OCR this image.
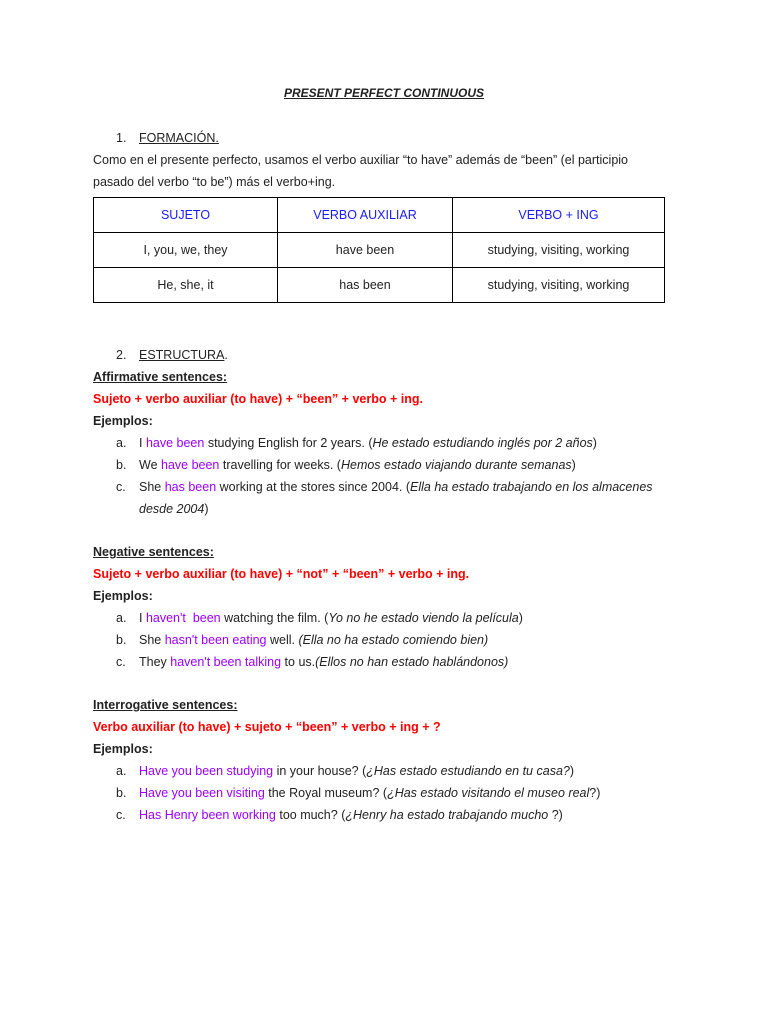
PRESENT PERFECT CONTINUOUS
1. FORMACIÓN.
Como en el presente perfecto, usamos el verbo auxiliar “to have” además de “been” (el participio
pasado del verbo “to be”) más el verbo+ing.
SUJETO	VERBO AUXILIAR	VERBO + ING
I, you, we, they	have been	studying, visiting, working
He, she, it	has been	studying, visiting, working
2. ESTRUCTURA.
Affirmative sentences:
Sujeto + verbo auxiliar (to have) + “been” + verbo + ing.
Ejemplos:
a. I have been studying English for 2 years. (He estado estudiando inglés por 2 años)
b. We have been travelling for weeks. (Hemos estado viajando durante semanas)
c. She has been working at the stores since 2004. (Ella ha estado trabajando en los almacenes desde 2004)
Negative sentences:
Sujeto + verbo auxiliar (to have) + “not” + “been” + verbo + ing.
Ejemplos:
a. I haven't  been watching the film. (Yo no he estado viendo la película)
b. She hasn't been eating well. (Ella no ha estado comiendo bien)
c. They haven't been talking to us.(Ellos no han estado hablándonos)
Interrogative sentences:
Verbo auxiliar (to have) + sujeto + “been” + verbo + ing + ?
Ejemplos:
a. Have you been studying in your house? (¿Has estado estudiando en tu casa?)
b. Have you been visiting the Royal museum? (¿Has estado visitando el museo real?)
c. Has Henry been working too much? (¿Henry ha estado trabajando mucho ?)
